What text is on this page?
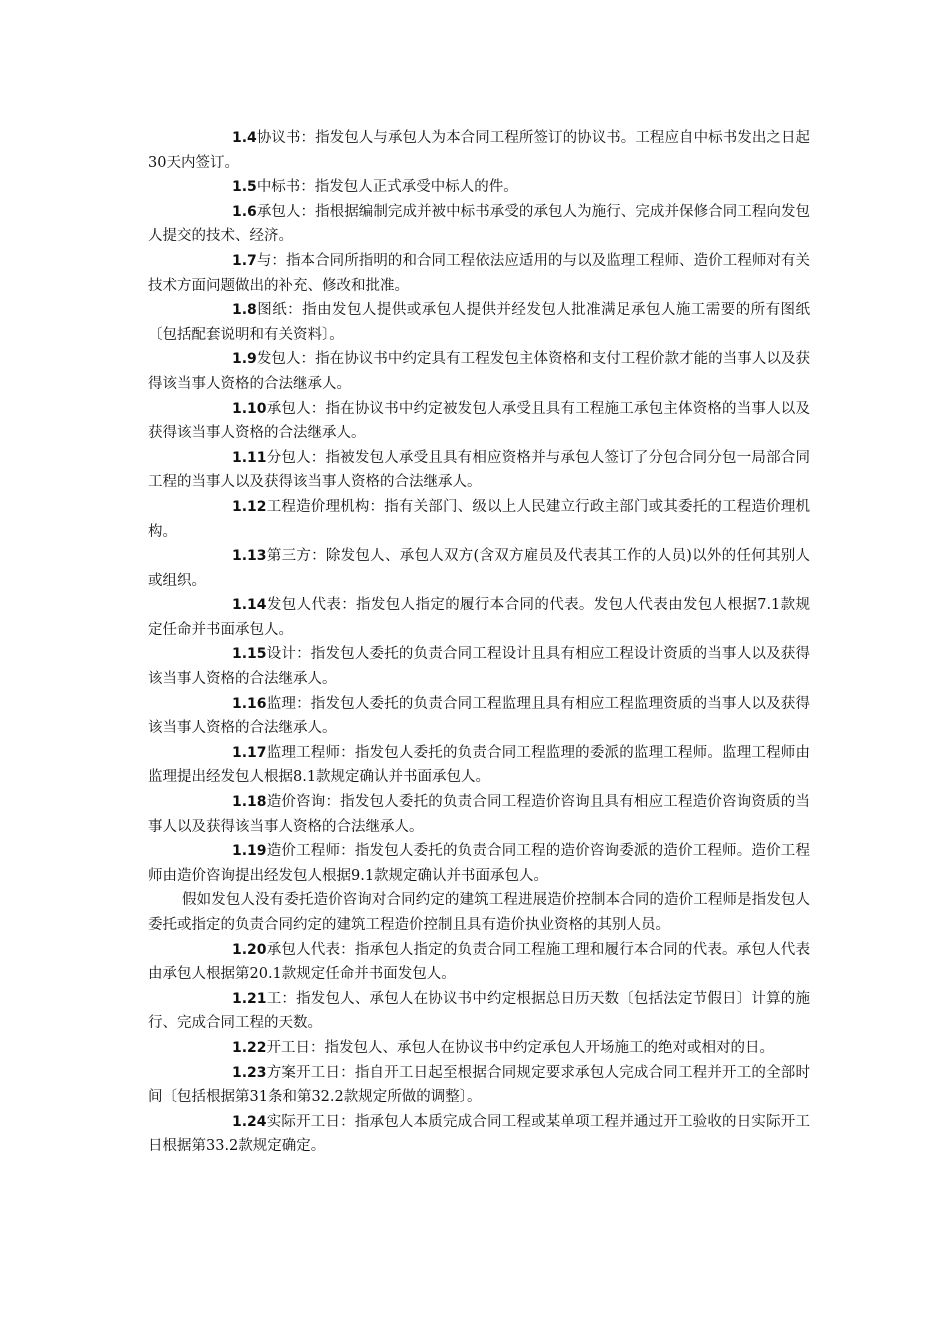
1.4协议书：指发包人与承包人为本合同工程所签订的协议书。工程应自中标书发出之日起30天内签订。

1.5中标书：指发包人正式承受中标人的件。

1.6承包人：指根据编制完成并被中标书承受的承包人为施行、完成并保修合同工程向发包人提交的技术、经济。

1.7与：指本合同所指明的和合同工程依法应适用的与以及监理工程师、造价工程师对有关技术方面问题做出的补充、修改和批准。

1.8图纸：指由发包人提供或承包人提供并经发包人批准满足承包人施工需要的所有图纸〔包括配套说明和有关资料〕。

1.9发包人：指在协议书中约定具有工程发包主体资格和支付工程价款才能的当事人以及获得该当事人资格的合法继承人。

1.10承包人：指在协议书中约定被发包人承受且具有工程施工承包主体资格的当事人以及获得该当事人资格的合法继承人。

1.11分包人：指被发包人承受且具有相应资格并与承包人签订了分包合同分包一局部合同工程的当事人以及获得该当事人资格的合法继承人。

1.12工程造价理机构：指有关部门、级以上人民建立行政主部门或其委托的工程造价理机构。

1.13第三方：除发包人、承包人双方(含双方雇员及代表其工作的人员)以外的任何其别人或组织。

1.14发包人代表：指发包人指定的履行本合同的代表。发包人代表由发包人根据7.1款规定任命并书面承包人。

1.15设计：指发包人委托的负责合同工程设计且具有相应工程设计资质的当事人以及获得该当事人资格的合法继承人。

1.16监理：指发包人委托的负责合同工程监理且具有相应工程监理资质的当事人以及获得该当事人资格的合法继承人。

1.17监理工程师：指发包人委托的负责合同工程监理的委派的监理工程师。监理工程师由监理提出经发包人根据8.1款规定确认并书面承包人。

1.18造价咨询：指发包人委托的负责合同工程造价咨询且具有相应工程造价咨询资质的当事人以及获得该当事人资格的合法继承人。

1.19造价工程师：指发包人委托的负责合同工程的造价咨询委派的造价工程师。造价工程师由造价咨询提出经发包人根据9.1款规定确认并书面承包人。

假如发包人没有委托造价咨询对合同约定的建筑工程进展造价控制本合同的造价工程师是指发包人委托或指定的负责合同约定的建筑工程造价控制且具有造价执业资格的其别人员。

1.20承包人代表：指承包人指定的负责合同工程施工理和履行本合同的代表。承包人代表由承包人根据第20.1款规定任命并书面发包人。

1.21工：指发包人、承包人在协议书中约定根据总日历天数〔包括法定节假日〕计算的施行、完成合同工程的天数。

1.22开工日：指发包人、承包人在协议书中约定承包人开场施工的绝对或相对的日。

1.23方案开工日：指自开工日起至根据合同规定要求承包人完成合同工程并开工的全部时间〔包括根据第31条和第32.2款规定所做的调整〕。

1.24实际开工日：指承包人本质完成合同工程或某单项工程并通过开工验收的日实际开工日根据第33.2款规定确定。
